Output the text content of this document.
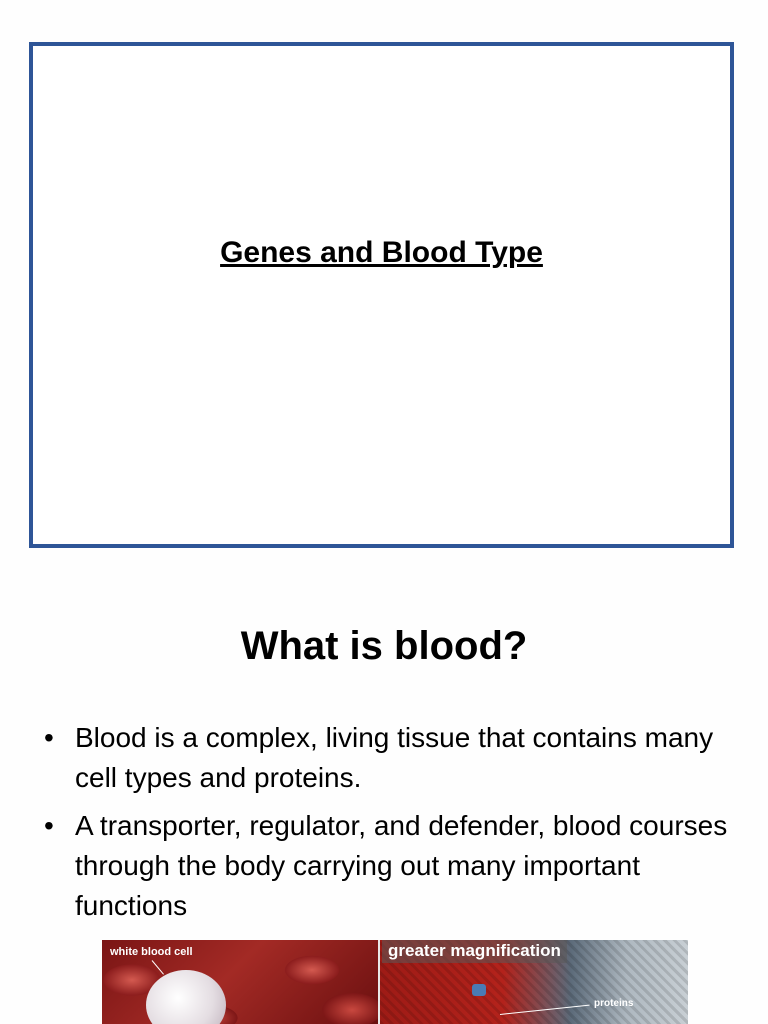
Genes and Blood Type
What is blood?
• Blood is a complex, living tissue that contains many cell types and proteins.
• A transporter, regulator, and defender, blood courses through the body carrying out many important functions
white blood cell	greater magnification
proteins
